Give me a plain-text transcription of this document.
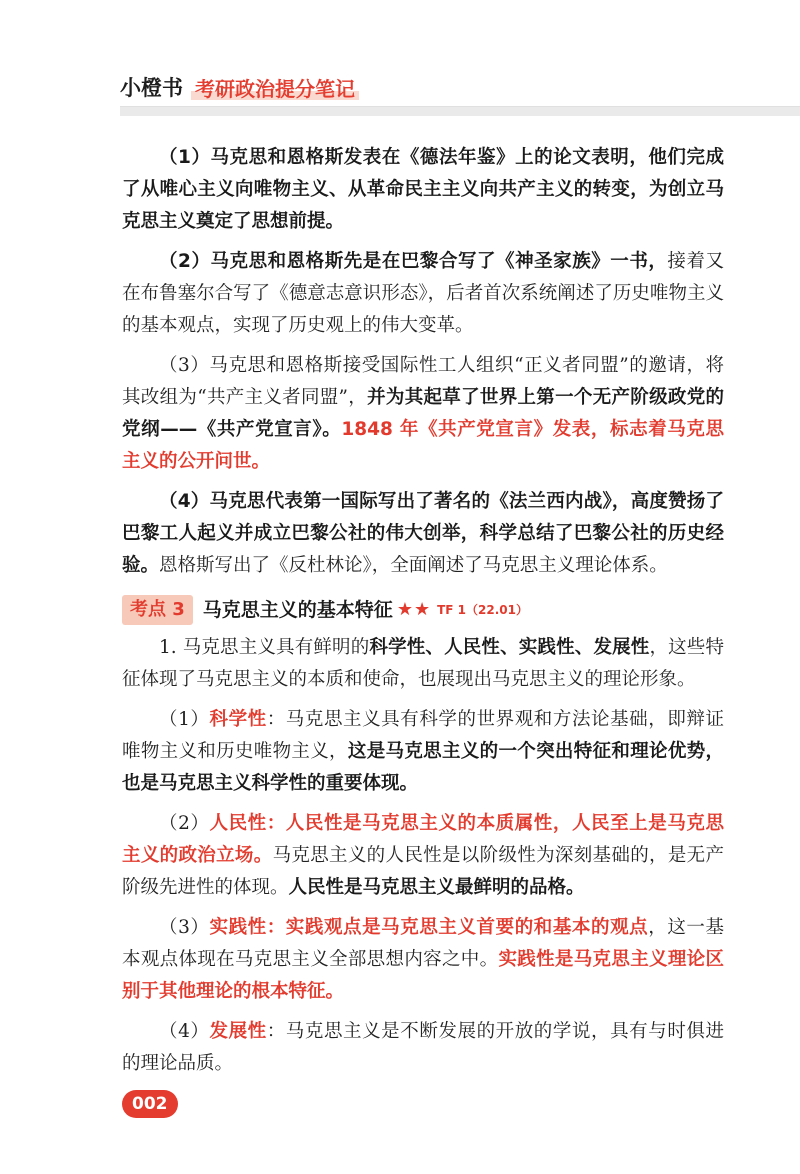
小橙书 考研政治提分笔记

（1）马克思和恩格斯发表在《德法年鉴》上的论文表明，他们完成了从唯心主义向唯物主义、从革命民主主义向共产主义的转变，为创立马克思主义奠定了思想前提。

（2）马克思和恩格斯先是在巴黎合写了《神圣家族》一书，接着又在布鲁塞尔合写了《德意志意识形态》，后者首次系统阐述了历史唯物主义的基本观点，实现了历史观上的伟大变革。

（3）马克思和恩格斯接受国际性工人组织“正义者同盟”的邀请，将其改组为“共产主义者同盟”，并为其起草了世界上第一个无产阶级政党的党纲——《共产党宣言》。1848 年《共产党宣言》发表，标志着马克思主义的公开问世。

（4）马克思代表第一国际写出了著名的《法兰西内战》，高度赞扬了巴黎工人起义并成立巴黎公社的伟大创举，科学总结了巴黎公社的历史经验。恩格斯写出了《反杜林论》，全面阐述了马克思主义理论体系。

考点 3 马克思主义的基本特征 ★★ TF 1（22.01）

1. 马克思主义具有鲜明的科学性、人民性、实践性、发展性，这些特征体现了马克思主义的本质和使命，也展现出马克思主义的理论形象。

（1）科学性：马克思主义具有科学的世界观和方法论基础，即辩证唯物主义和历史唯物主义，这是马克思主义的一个突出特征和理论优势，也是马克思主义科学性的重要体现。

（2）人民性：人民性是马克思主义的本质属性，人民至上是马克思主义的政治立场。马克思主义的人民性是以阶级性为深刻基础的，是无产阶级先进性的体现。人民性是马克思主义最鲜明的品格。

（3）实践性：实践观点是马克思主义首要的和基本的观点，这一基本观点体现在马克思主义全部思想内容之中。实践性是马克思主义理论区别于其他理论的根本特征。

（4）发展性：马克思主义是不断发展的开放的学说，具有与时俱进的理论品质。

002
